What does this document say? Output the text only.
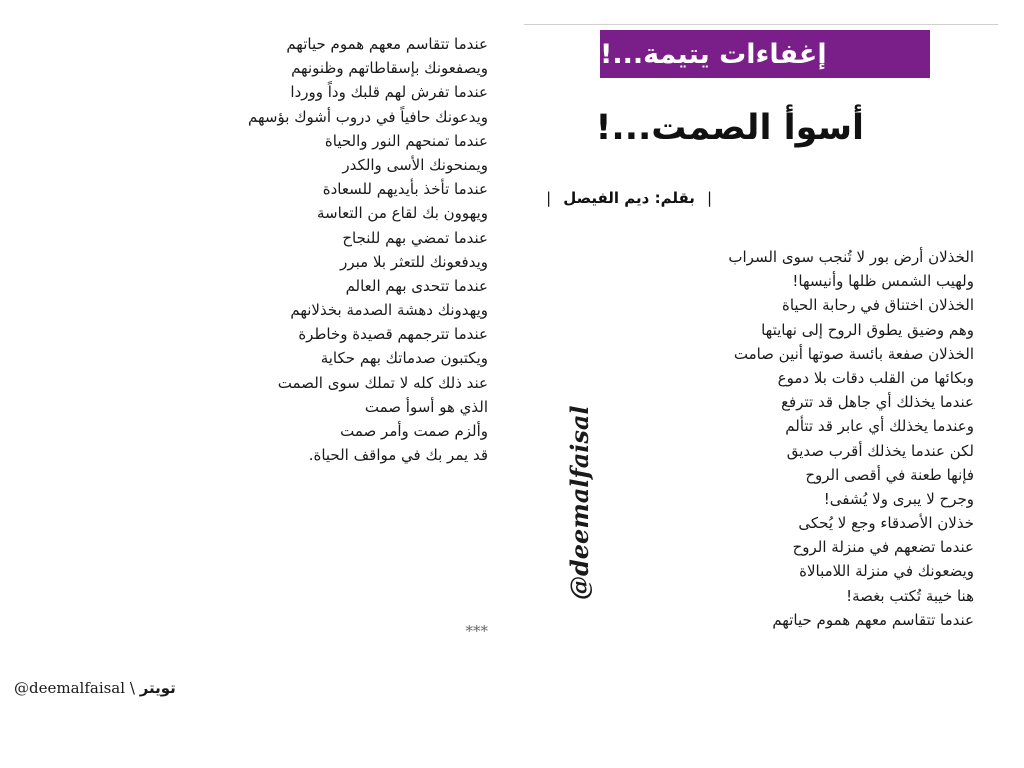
إغفاءات يتيمة...!
أسوأ الصمت...!
|بقلم: ديم الفيصل|
الخذلان أرض بور لا تُنجب سوى السراب
ولهيب الشمس ظلها وأنيسها!
الخذلان اختناق في رحابة الحياة
وهم وضيق يطوق الروح إلى نهايتها
الخذلان صفعة بائسة صوتها أنين صامت
وبكائها من القلب دقات بلا دموع
عندما يخذلك أي جاهل قد تترفع
وعندما يخذلك أي عابر قد تتألم
لكن عندما يخذلك أقرب صديق
فإنها طعنة في أقصى الروح
وجرح لا يبرى ولا يُشفى!
خذلان الأصدقاء وجع لا يُحكى
عندما تضعهم في منزلة الروح
ويضعونك في منزلة اللامبالاة
هنا خيبة تُكتب بغصة!
عندما تتقاسم معهم هموم حياتهم
عندما تتقاسم معهم هموم حياتهم
ويصفعونك بإسقاطاتهم وظنونهم
عندما تفرش لهم قلبك وداً ووردا
ويدعونك حافياً في دروب أشوك بؤسهم
عندما تمنحهم النور والحياة
ويمنحونك الأسى والكدر
عندما تأخذ بأيديهم للسعادة
ويهوون بك لقاع من التعاسة
عندما تمضي بهم للنجاح
ويدفعونك للتعثر بلا مبرر
عندما تتحدى بهم العالم
ويهدونك دهشة الصدمة بخذلانهم
عندما تترجمهم قصيدة وخاطرة
ويكتبون صدماتك بهم حكاية
عند ذلك كله لا تملك سوى الصمت
الذي هو أسوأ صمت
وألزم صمت وأمر صمت
قد يمر بك في مواقف الحياة.
***
@deemalfaisal
تويتر \ deemalfaisal@
